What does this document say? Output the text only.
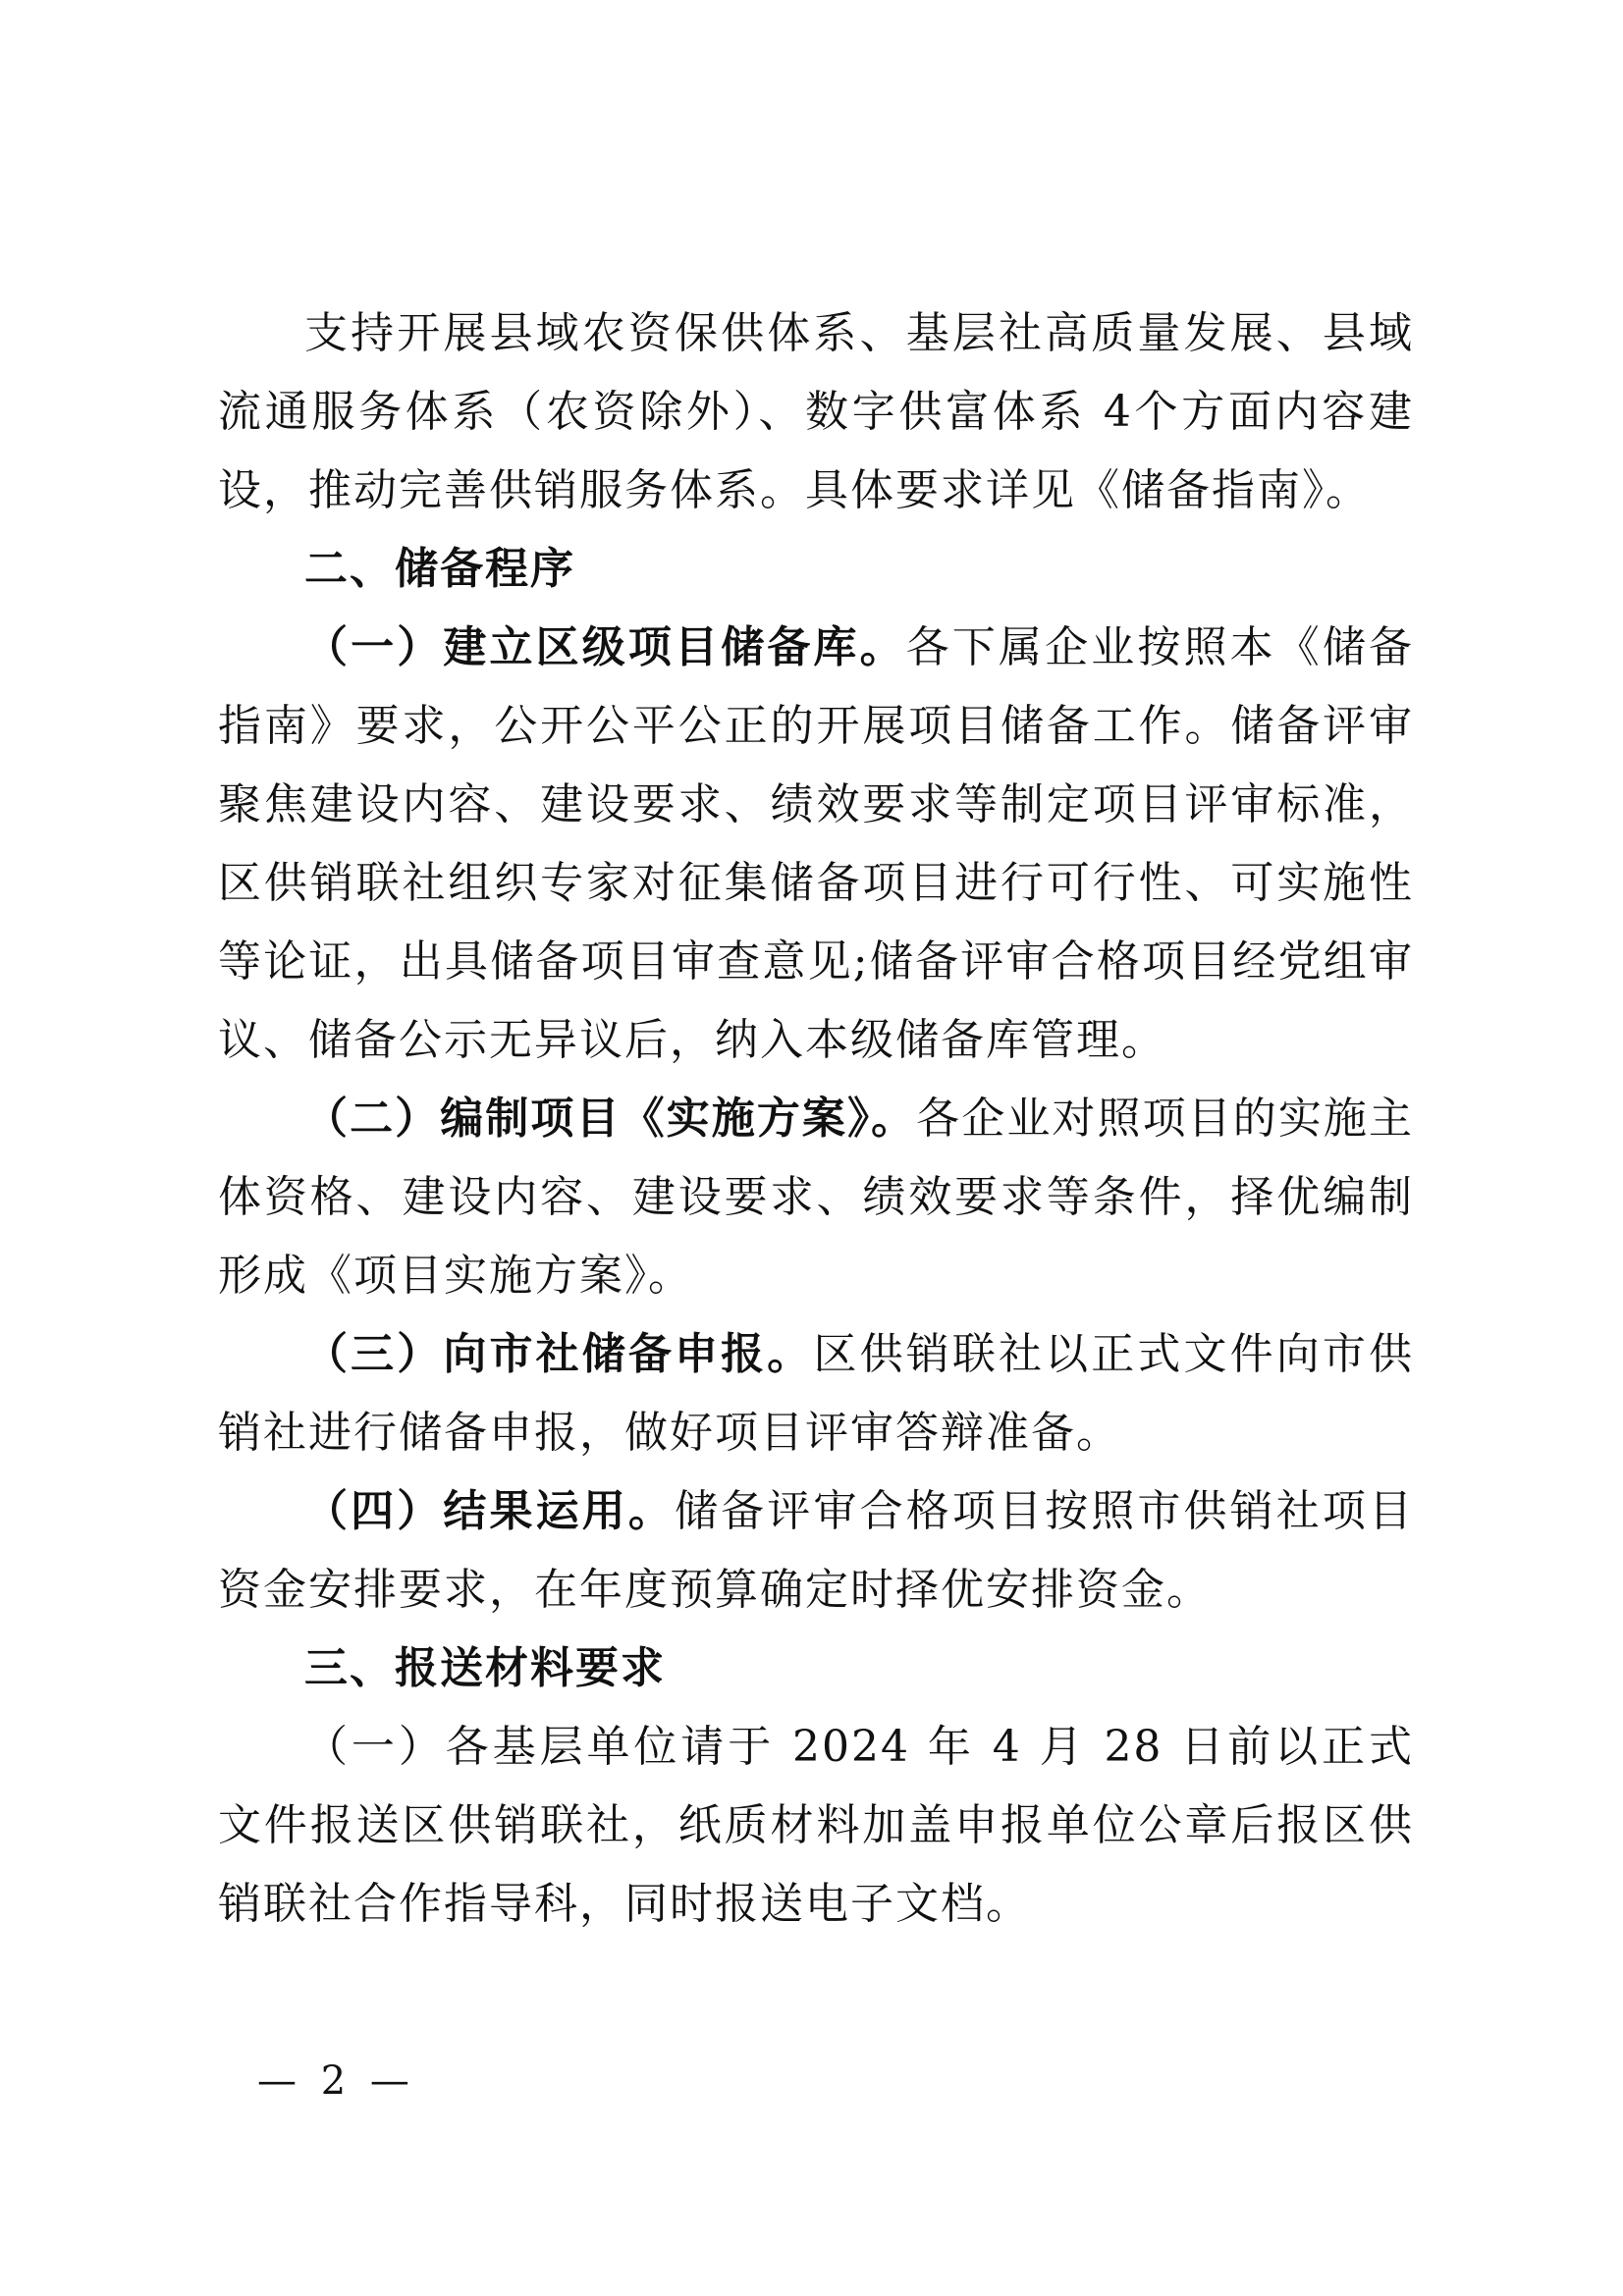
支持开展县域农资保供体系、基层社高质量发展、县域流通服务体系（农资除外）、数字供富体系 4个方面内容建设，推动完善供销服务体系。具体要求详见《储备指南》。

二、储备程序

（一）建立区级项目储备库。各下属企业按照本《储备指南》要求，公开公平公正的开展项目储备工作。储备评审聚焦建设内容、建设要求、绩效要求等制定项目评审标准，区供销联社组织专家对征集储备项目进行可行性、可实施性等论证，出具储备项目审查意见;储备评审合格项目经党组审议、储备公示无异议后，纳入本级储备库管理。

（二）编制项目《实施方案》。各企业对照项目的实施主体资格、建设内容、建设要求、绩效要求等条件，择优编制形成《项目实施方案》。

（三）向市社储备申报。区供销联社以正式文件向市供销社进行储备申报，做好项目评审答辩准备。

（四）结果运用。储备评审合格项目按照市供销社项目资金安排要求，在年度预算确定时择优安排资金。

三、报送材料要求

（一）各基层单位请于 2024 年 4 月 28 日前以正式文件报送区供销联社，纸质材料加盖申报单位公章后报区供销联社合作指导科，同时报送电子文档。

— 2 —
